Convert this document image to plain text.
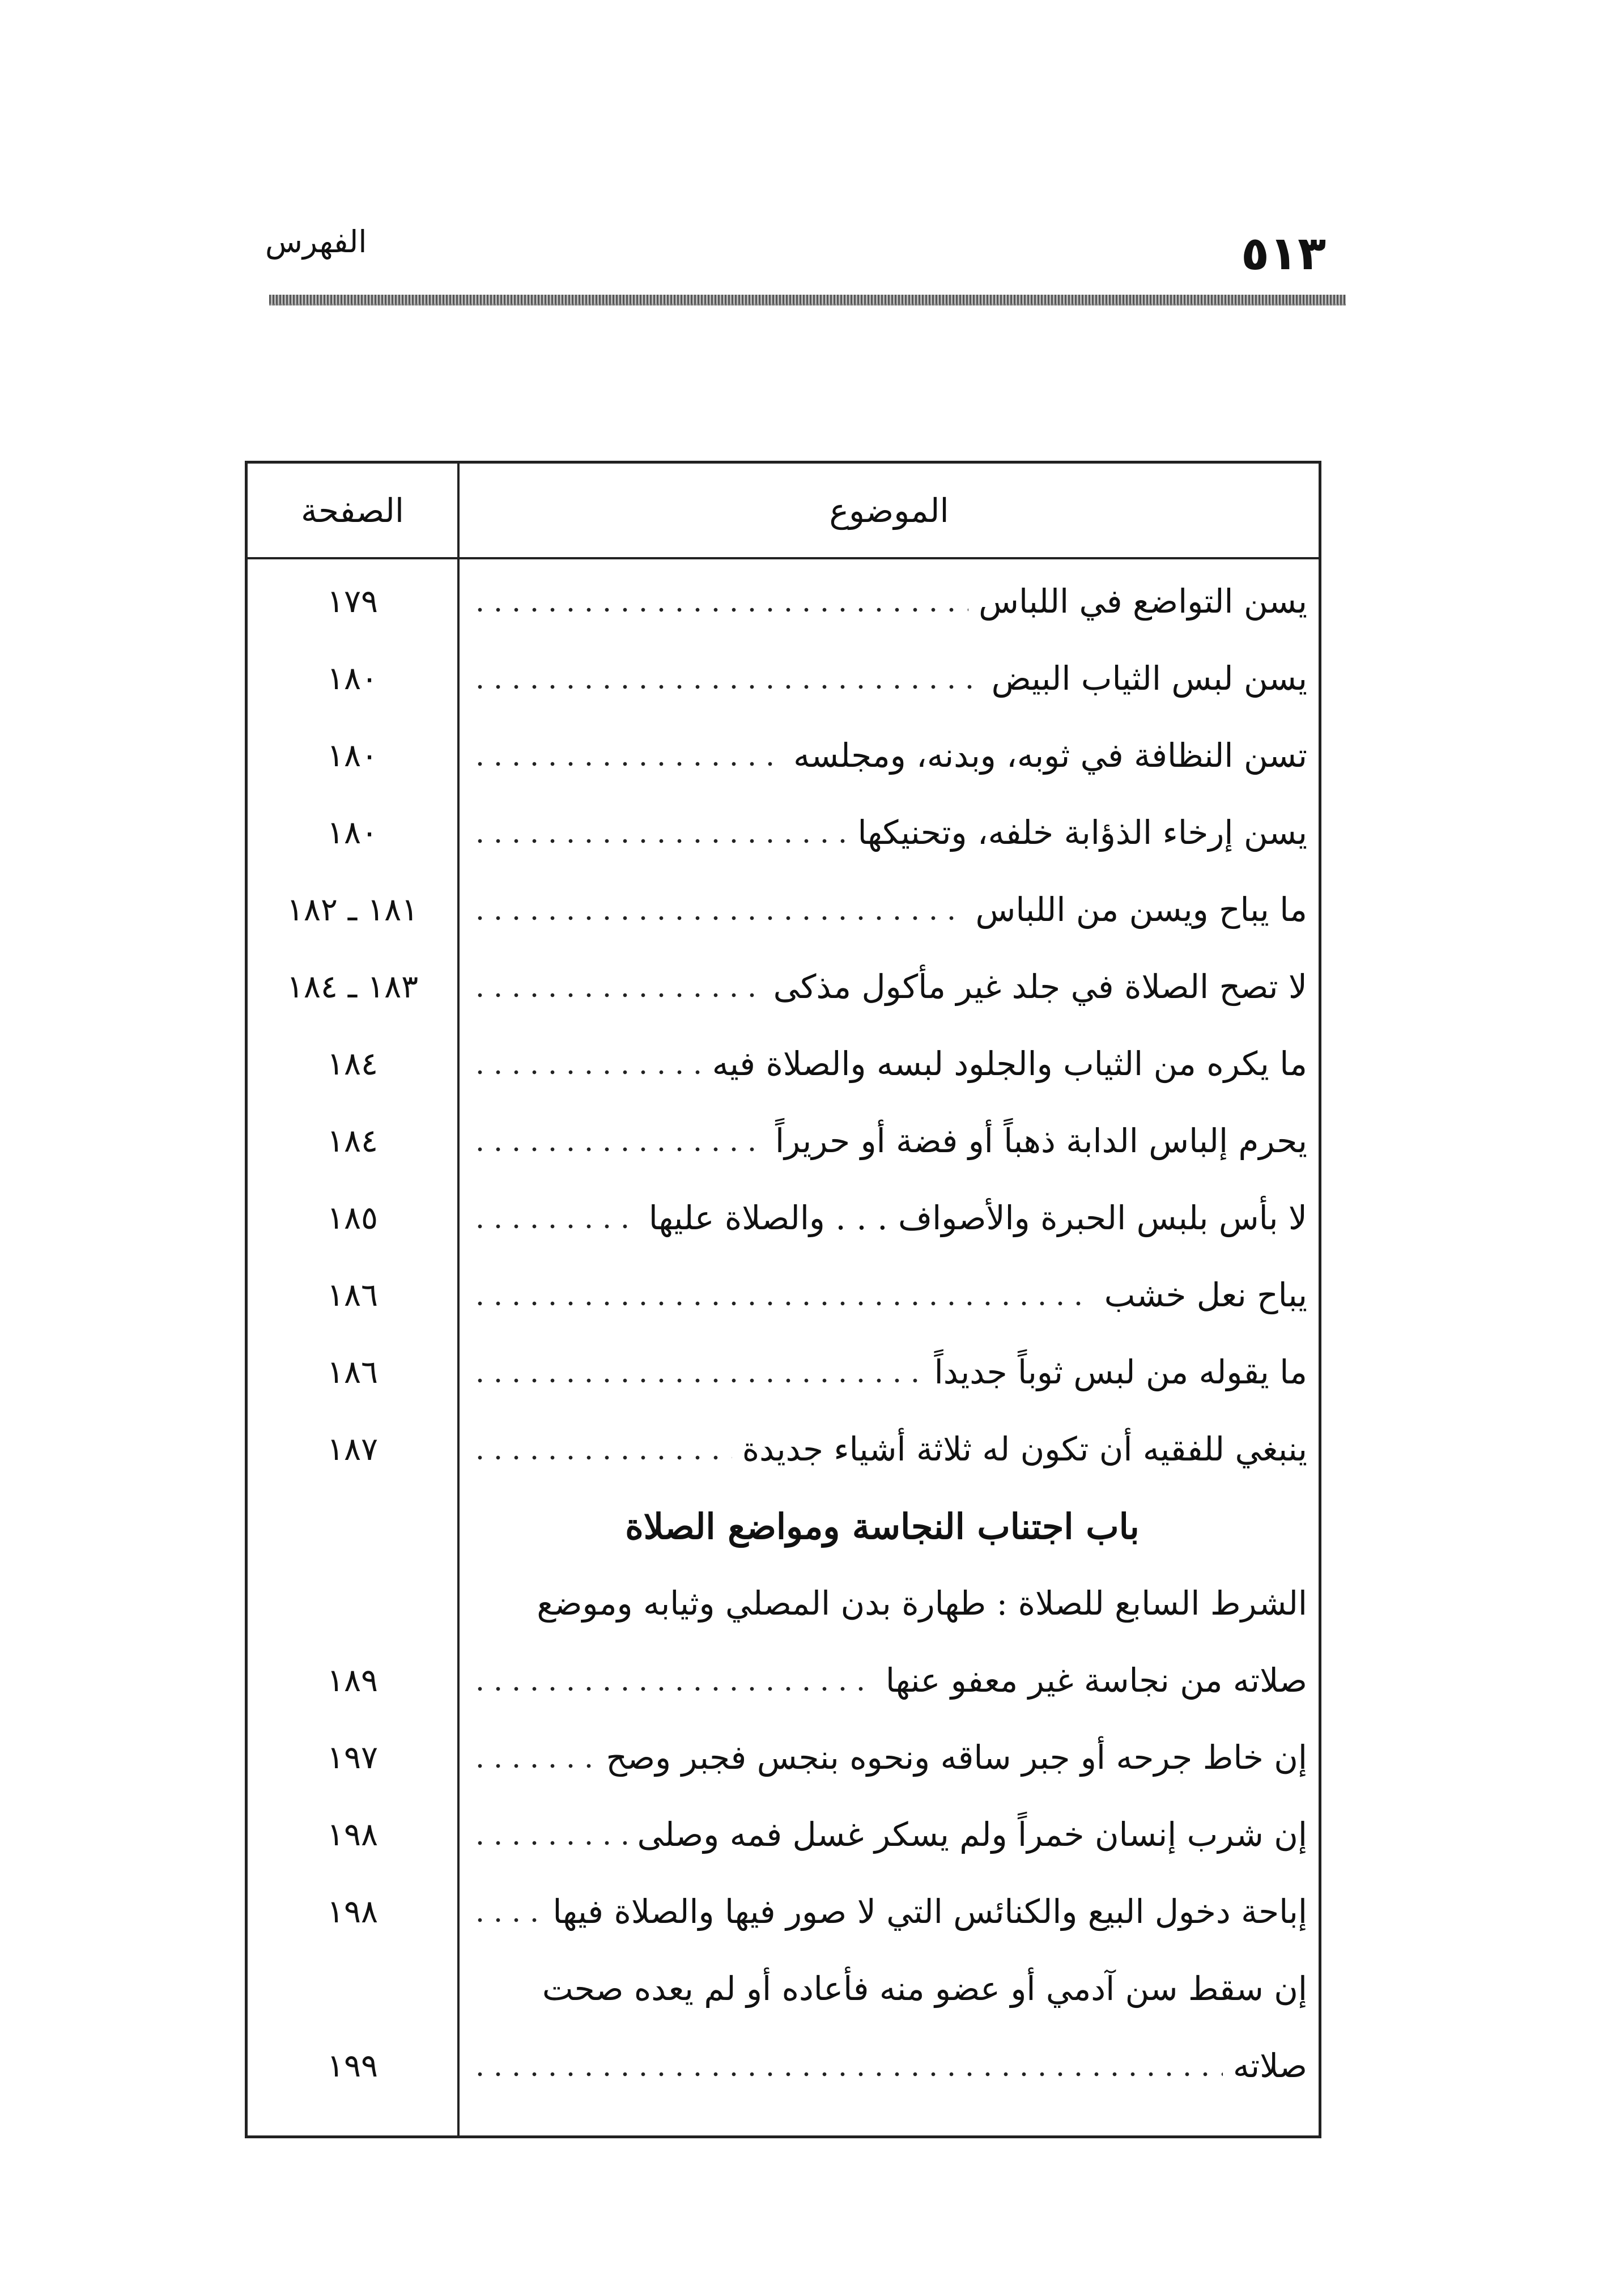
الفهرس	٥١٣
الصفحة	الموضوع
يسن التواضع في اللباس
١٧٩
يسن لبس الثياب البيض
١٨٠
تسن النظافة في ثوبه، وبدنه، ومجلسه
١٨٠
يسن إرخاء الذؤابة خلفه، وتحنيكها
١٨٠
ما يباح ويسن من اللباس
١٨١ ـ ١٨٢
لا تصح الصلاة في جلد غير مأكول مذكى
١٨٣ ـ ١٨٤
ما يكره من الثياب والجلود لبسه والصلاة فيه
١٨٤
يحرم إلباس الدابة ذهباً أو فضة أو حريراً
١٨٤
لا بأس بلبس الحبرة والأصواف . . . والصلاة عليها
١٨٥
يباح نعل خشب
١٨٦
ما يقوله من لبس ثوباً جديداً
١٨٦
ينبغي للفقيه أن تكون له ثلاثة أشياء جديدة
١٨٧
باب اجتناب النجاسة ومواضع الصلاة
الشرط السابع للصلاة : طهارة بدن المصلي وثيابه وموضع
صلاته من نجاسة غير معفو عنها
١٨٩
إن خاط جرحه أو جبر ساقه ونحوه بنجس فجبر وصح
١٩٧
إن شرب إنسان خمراً ولم يسكر غسل فمه وصلى
١٩٨
إباحة دخول البيع والكنائس التي لا صور فيها والصلاة فيها
١٩٨
إن سقط سن آدمي أو عضو منه فأعاده أو لم يعده صحت
صلاته
١٩٩
